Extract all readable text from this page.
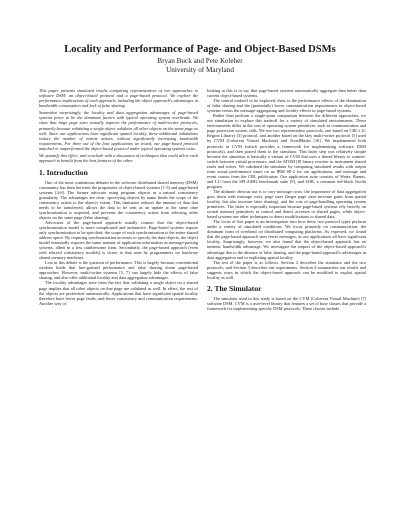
Locality and Performance of Page- and Object-Based DSMs
Bryan Buck and Pete Keleher
University of Maryland

This paper presents simulated results comparing representatives of two approaches to software DSM: an object-based protocol and a page-based protocol. We explore the performance implications of each approach, including the object approach's advantages in bandwidth consumption and lack of false sharing.

Somewhat surprisingly, the locality and data aggregation advantages of page-based systems prove to be the dominant factors with typical operating system overheads. We show that large page sizes actually improve the performance of multi-writer protocols, primarily because validating a single object validates all other objects on the same page as well. Since our applications have significant spatial locality, these additional validations reduce the number of remote misses, without significantly increasing bandwidth requirements. For three out of the four applications we tested, our page-based protocol matched or outperformed the object-based protocol under typical operating systems costs.

We quantify this effect, and conclude with a discussion of techniques that could allow each approach to benefit from the best features of the other.

1. Introduction

One of the most contentious debates in the software distributed shared memory (DSM) community has been between the proponents of object-based systems [1-3] and page-based systems [4-6]. The former advocate using program objects as a natural consistency granularity. The advantages are clear: specifying objects by name limits the scope of the consistency action to the object's extent. This limitation reduces the amount of data that needs to be transferred, allows the data to be sent as an update at the same time synchronization is acquired, and prevents the consistency action from affecting other objects on the same page (false sharing).

Advocates of the page-based approach usually counter that the object-based synchronization model is more complicated and unintuitive. Page-based systems require only synchronization to be specified; the scope of each synchronization is the entire shared address space. By requiring synchronization accesses to specify the data objects, the object model essentially requires the same amount of application information as message-passing systems, albeit in a less cumbersome form. Secondarily, the page-based approach (even with relaxed consistency models) is closer to that seen by programmers on hardware shared memory machines.

Lost in this debate is the question of performance. This is largely because conventional wisdom holds that fine-grained performance and false sharing doom page-based approaches. However, multi-writer systems [5, 7] can largely hide the effects of false sharing, and also offer additional locality and data aggregation advantages.

The locality advantages arise from the fact that validating a single object on a shared page implies that all other objects on that page are validated as well. In effect, the rest of the objects are prefetched automatically. Applications that have significant spatial locality therefore have fewer page faults, and lower consistency and communication requirements. Another way of

looking at this is to say that page-based systems automatically aggregate data better than current object-based systems.

The central tradeoff to be explored, then, is the performance effects of the elimination of false sharing and the (potentially) lower communication requirements in object-based systems versus the message-aggregating and locality effects in page-based systems.

Rather than perform a single-point comparison between the different approaches, we use simulation to explore this tradeoff for a variety of simulated environments. These environments differ in the cost of operating system primitives, such as communication and page protection system calls. We use two representative protocols, one based on CRL's (C Region Library) [3] protocol, and another based on the lazy multi-writer protocol [5] used by CVM (Coherent Virtual Machine) and TreadMarks [16]. We implemented both protocols in CVM (which provides a framework for implementing software DSM protocols), and then ported them to the simulator. This latter step was relatively simple because the simulator is basically a variant of CVM that uses a thread library to context-switch between virtual processors, and the ATOM [8] binary rewriter to instrument shared reads and writes. We validated the simulator by comparing simulated results with output from actual performance times on an IBM SP-2 for our applications, and message and event counts from the CRL publication. Our application suite consists of Water, Barnes, and LU from the SPLASH2 benchmark suite [9], and SOR, a common red-black Jacobi program.

The ultimate obvious use is to vary message costs: the importance of data aggregation goes down with message costs, page sizes (larger page sizes increase gains from spatial locality, but also increase false sharing), and the cost of page-handling operating system primitives. The latter is especially important because page-based systems rely heavily on virtual memory primitives to control and detect accesses to shared pages, while object-based systems use other techniques to detect modifications to shared data.

The focus of this paper is an investigation into how these two protocol types perform under a variety of simulated conditions. We focus primarily on communication, the dominant form of overhead on distributed computing platforms. As expected, we found that the page-based approach uses fewer messages, as our applications all have significant locality. Surprisingly, however, we also found that the object-based approach has no intrinsic bandwidth advantage. We investigate the impact of the object-based approach's advantage due to the absence of false sharing, and the page-based approach's advantages in data aggregation and in exploiting spatial locality.

The rest of the paper is as follows. Section 2 describes the simulator and the two protocols, and Section 3 describes our experiments. Section 4 summarizes our results and suggests ways in which the object-based approach can be modified to exploit spatial locality as well.

2. The Simulator

The simulator used in this study is based on the CVM (Coherent Virtual Machine) [7] software DSM. CVM is a user-level library that features a set of base classes that provide a framework for implementing specific DSM protocols. These classes include
